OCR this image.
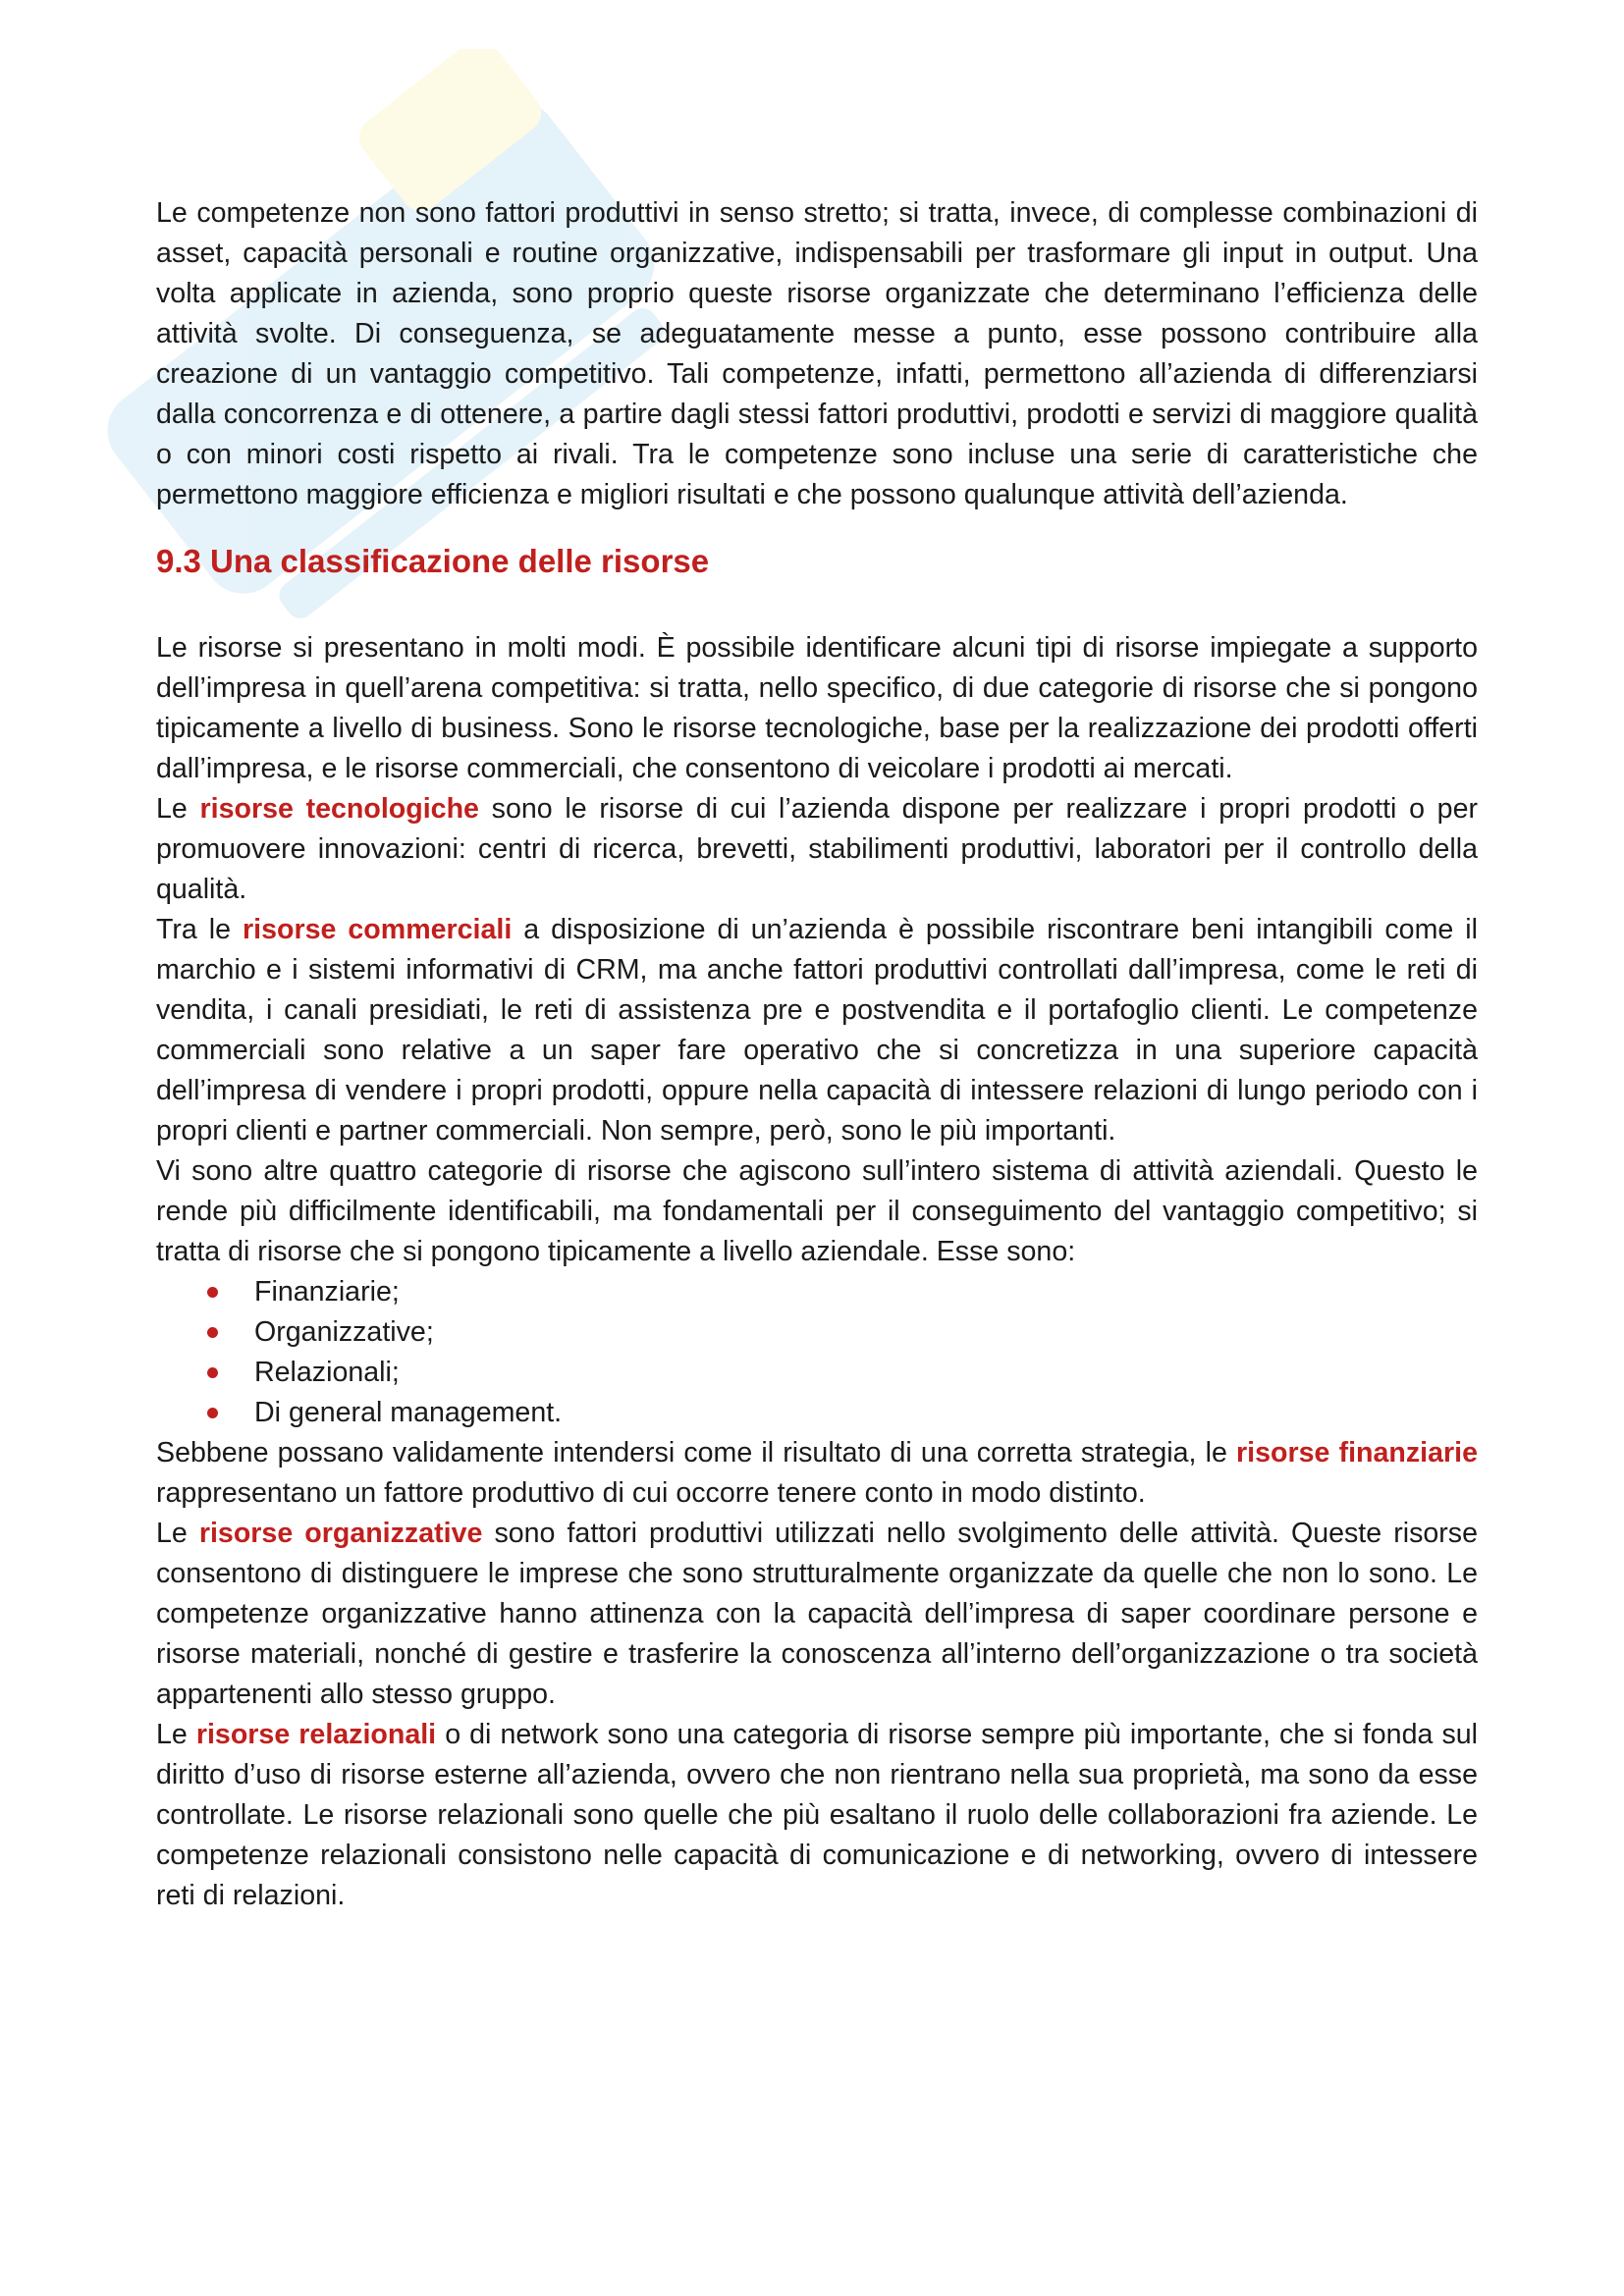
Le competenze non sono fattori produttivi in senso stretto; si tratta, invece, di complesse combinazioni di asset, capacità personali e routine organizzative, indispensabili per trasformare gli input in output. Una volta applicate in azienda, sono proprio queste risorse organizzate che determinano l’efficienza delle attività svolte. Di conseguenza, se adeguatamente messe a punto, esse possono contribuire alla creazione di un vantaggio competitivo. Tali competenze, infatti, permettono all’azienda di differenziarsi dalla concorrenza e di ottenere, a partire dagli stessi fattori produttivi, prodotti e servizi di maggiore qualità o con minori costi rispetto ai rivali. Tra le competenze sono incluse una serie di caratteristiche che permettono maggiore efficienza e migliori risultati e che possono qualunque attività dell’azienda.

9.3 Una classificazione delle risorse

Le risorse si presentano in molti modi. È possibile identificare alcuni tipi di risorse impiegate a supporto dell’impresa in quell’arena competitiva: si tratta, nello specifico, di due categorie di risorse che si pongono tipicamente a livello di business. Sono le risorse tecnologiche, base per la realizzazione dei prodotti offerti dall’impresa, e le risorse commerciali, che consentono di veicolare i prodotti ai mercati.

Le risorse tecnologiche sono le risorse di cui l’azienda dispone per realizzare i propri prodotti o per promuovere innovazioni: centri di ricerca, brevetti, stabilimenti produttivi, laboratori per il controllo della qualità.

Tra le risorse commerciali a disposizione di un’azienda è possibile riscontrare beni intangibili come il marchio e i sistemi informativi di CRM, ma anche fattori produttivi controllati dall’impresa, come le reti di vendita, i canali presidiati, le reti di assistenza pre e postvendita e il portafoglio clienti. Le competenze commerciali sono relative a un saper fare operativo che si concretizza in una superiore capacità dell’impresa di vendere i propri prodotti, oppure nella capacità di intessere relazioni di lungo periodo con i propri clienti e partner commerciali. Non sempre, però, sono le più importanti.

Vi sono altre quattro categorie di risorse che agiscono sull’intero sistema di attività aziendali. Questo le rende più difficilmente identificabili, ma fondamentali per il conseguimento del vantaggio competitivo; si tratta di risorse che si pongono tipicamente a livello aziendale. Esse sono:

Finanziarie;
Organizzative;
Relazionali;
Di general management.

Sebbene possano validamente intendersi come il risultato di una corretta strategia, le risorse finanziarie rappresentano un fattore produttivo di cui occorre tenere conto in modo distinto.

Le risorse organizzative sono fattori produttivi utilizzati nello svolgimento delle attività. Queste risorse consentono di distinguere le imprese che sono strutturalmente organizzate da quelle che non lo sono. Le competenze organizzative hanno attinenza con la capacità dell’impresa di saper coordinare persone e risorse materiali, nonché di gestire e trasferire la conoscenza all’interno dell’organizzazione o tra società appartenenti allo stesso gruppo.

Le risorse relazionali o di network sono una categoria di risorse sempre più importante, che si fonda sul diritto d’uso di risorse esterne all’azienda, ovvero che non rientrano nella sua proprietà, ma sono da esse controllate. Le risorse relazionali sono quelle che più esaltano il ruolo delle collaborazioni fra aziende. Le competenze relazionali consistono nelle capacità di comunicazione e di networking, ovvero di intessere reti di relazioni.
